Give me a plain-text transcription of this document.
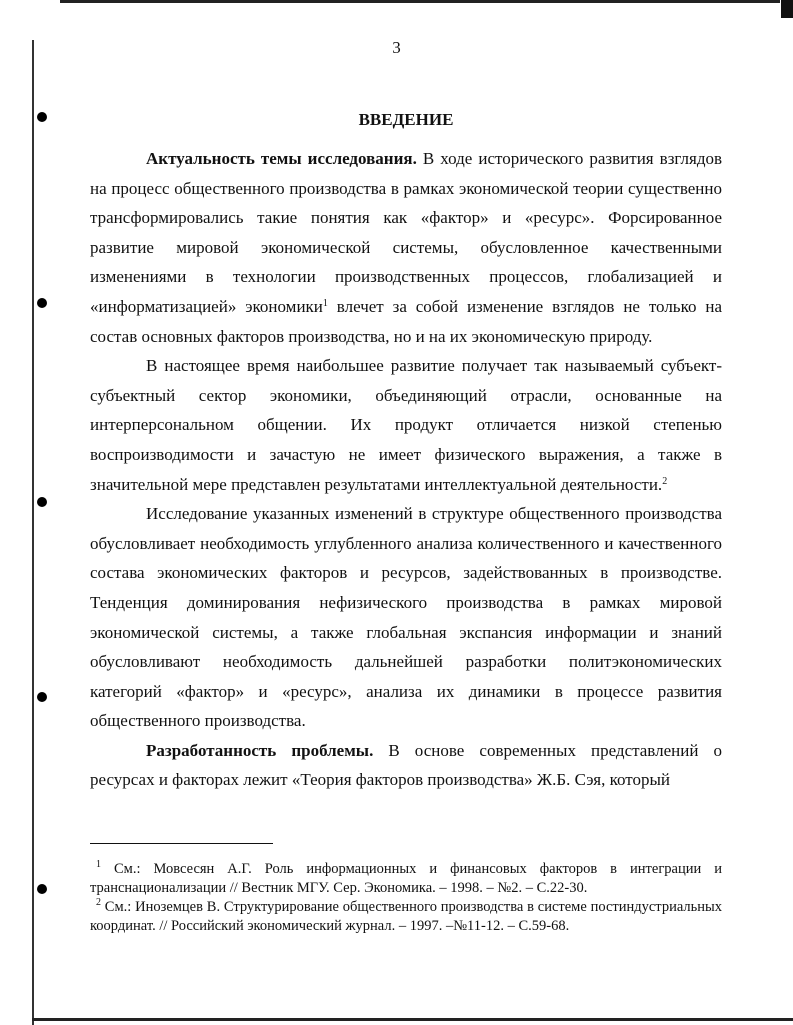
3
ВВЕДЕНИЕ

Актуальность темы исследования. В ходе исторического развития взглядов на процесс общественного производства в рамках экономической теории существенно трансформировались такие понятия как «фактор» и «ресурс». Форсированное развитие мировой экономической системы, обусловленное качественными изменениями в технологии производственных процессов, глобализацией и «информатизацией» экономики$^1$ влечет за собой изменение взглядов не только на состав основных факторов производства, но и на их экономическую природу.

В настоящее время наибольшее развитие получает так называемый субъект-субъектный сектор экономики, объединяющий отрасли, основанные на интерперсональном общении. Их продукт отличается низкой степенью воспроизводимости и зачастую не имеет физического выражения, а также в значительной мере представлен результатами интеллектуальной деятельности.$^2$

Исследование указанных изменений в структуре общественного производства обусловливает необходимость углубленного анализа количественного и качественного состава экономических факторов и ресурсов, задействованных в производстве. Тенденция доминирования нефизического производства в рамках мировой экономической системы, а также глобальная экспансия информации и знаний обусловливают необходимость дальнейшей разработки политэкономических категорий «фактор» и «ресурс», анализа их динамики в процессе развития общественного производства.

Разработанность проблемы. В основе современных представлений о ресурсах и факторах лежит «Теория факторов производства» Ж.Б. Сэя, который

$^1$ См.: Мовсесян А.Г. Роль информационных и финансовых факторов в интеграции и транснационализации // Вестник МГУ. Сер. Экономика. – 1998. – №2. – С.22-30.

$^2$ См.: Иноземцев В. Структурирование общественного производства в системе постиндустриальных координат. // Российский экономический журнал. – 1997. –№11-12. – С.59-68.
